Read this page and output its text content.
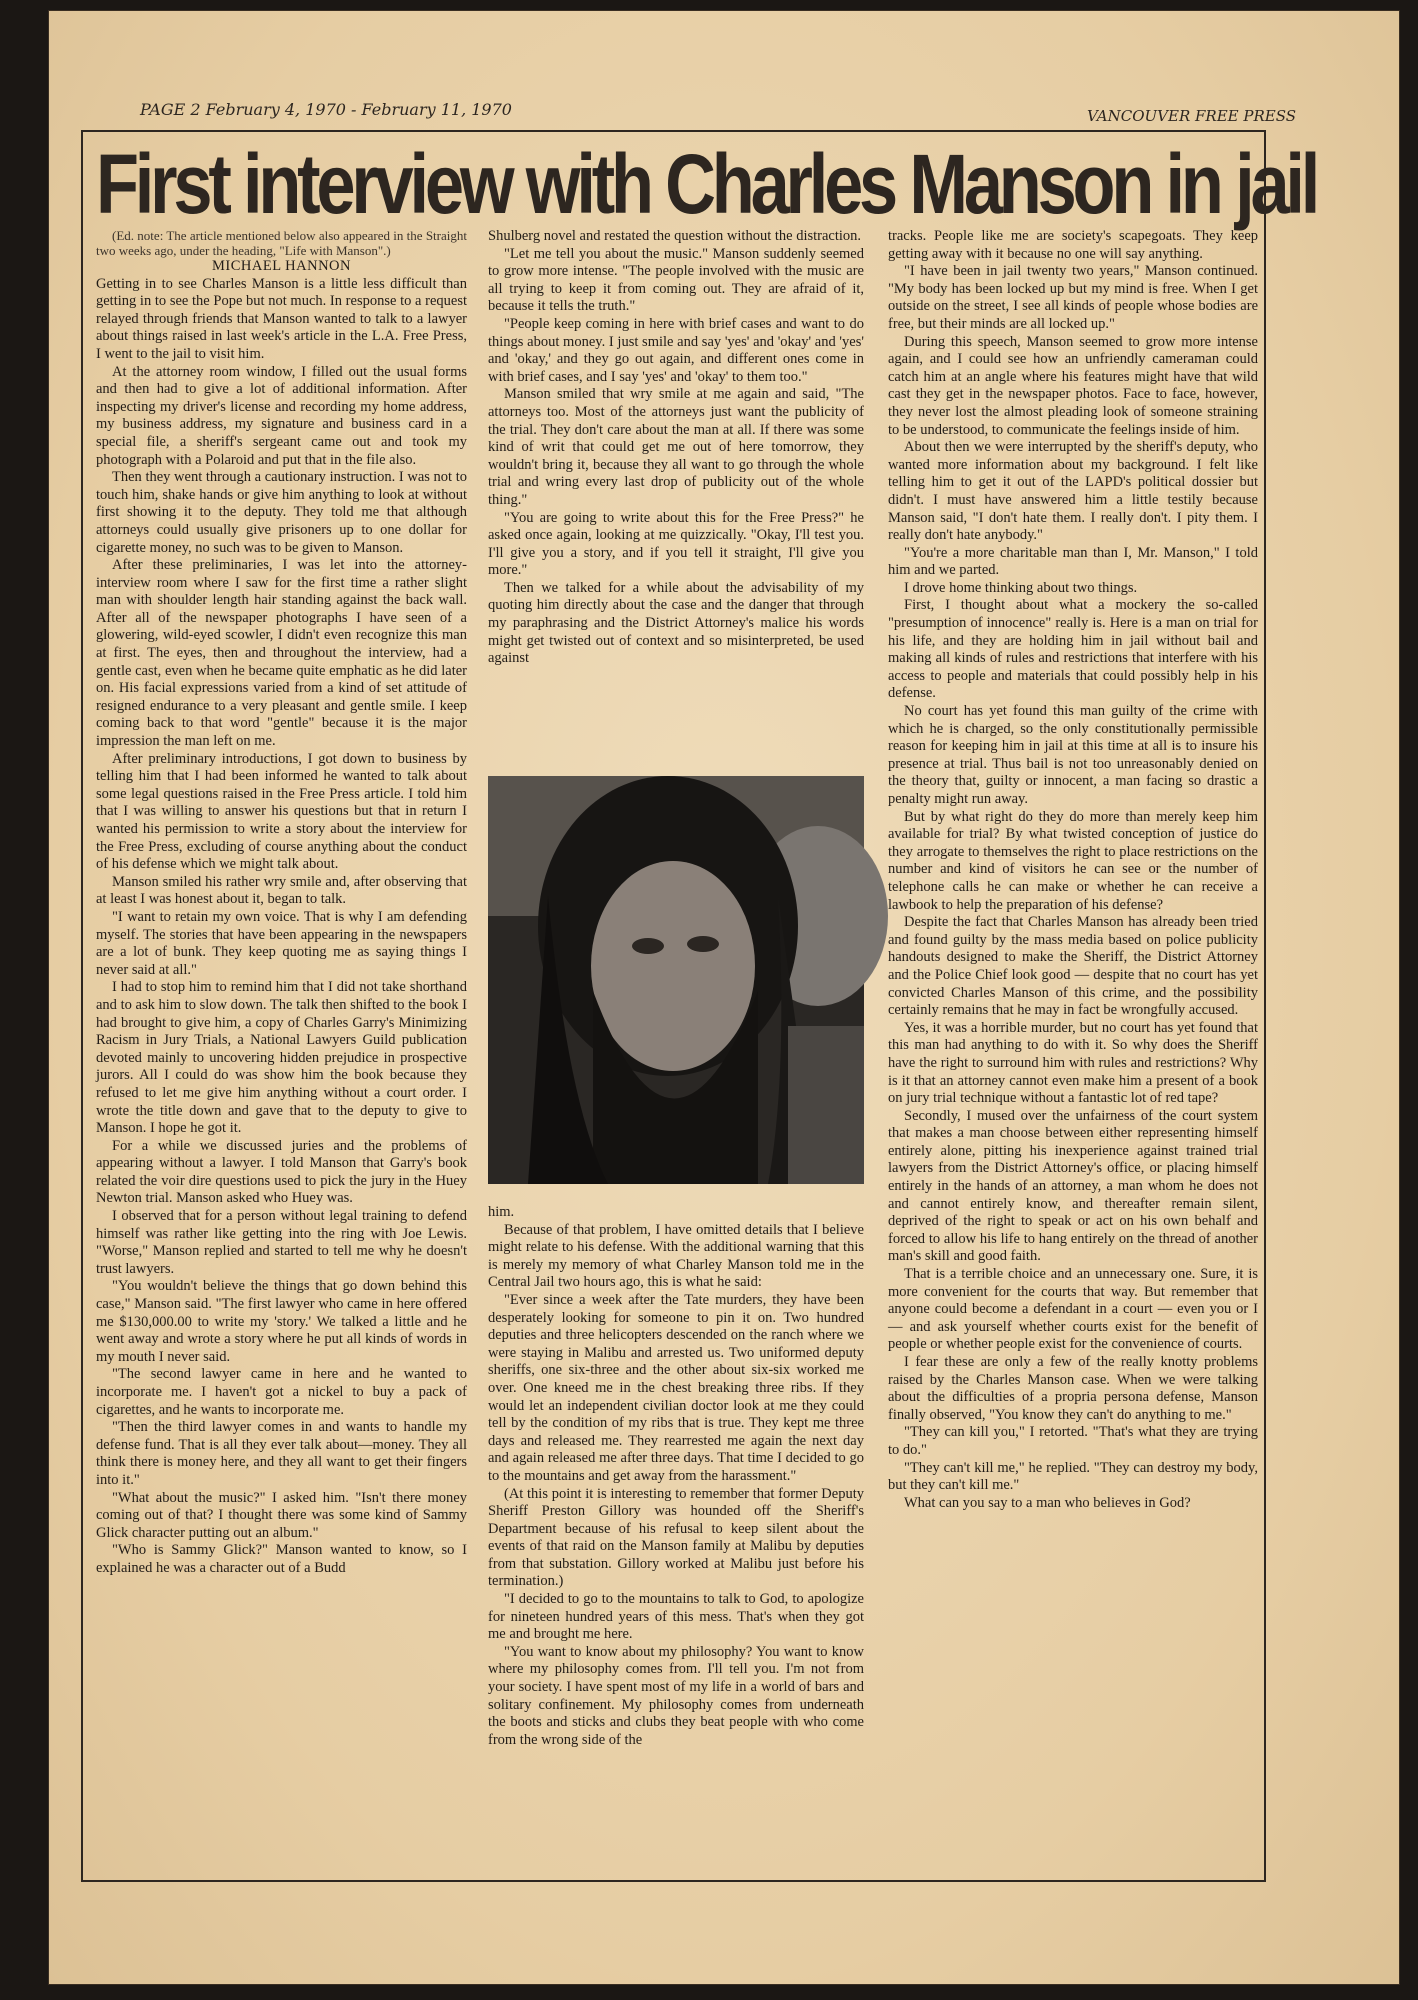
PAGE 2 February 4, 1970 - February 11, 1970	VANCOUVER FREE PRESS
First interview with Charles Manson in jail

(Ed. note: The article mentioned below also appeared in the Straight two weeks ago, under the heading, "Life with Manson".)

MICHAEL HANNON

Getting in to see Charles Manson is a little less difficult than getting in to see the Pope but not much. In response to a request relayed through friends that Manson wanted to talk to a lawyer about things raised in last week's article in the L.A. Free Press, I went to the jail to visit him.

At the attorney room window, I filled out the usual forms and then had to give a lot of additional information. After inspecting my driver's license and recording my home address, my business address, my signature and business card in a special file, a sheriff's sergeant came out and took my photograph with a Polaroid and put that in the file also.

Then they went through a cautionary instruction. I was not to touch him, shake hands or give him anything to look at without first showing it to the deputy. They told me that although attorneys could usually give prisoners up to one dollar for cigarette money, no such was to be given to Manson.

After these preliminaries, I was let into the attorney-interview room where I saw for the first time a rather slight man with shoulder length hair standing against the back wall. After all of the newspaper photographs I have seen of a glowering, wild-eyed scowler, I didn't even recognize this man at first. The eyes, then and throughout the interview, had a gentle cast, even when he became quite emphatic as he did later on. His facial expressions varied from a kind of set attitude of resigned endurance to a very pleasant and gentle smile. I keep coming back to that word "gentle" because it is the major impression the man left on me.

After preliminary introductions, I got down to business by telling him that I had been informed he wanted to talk about some legal questions raised in the Free Press article. I told him that I was willing to answer his questions but that in return I wanted his permission to write a story about the interview for the Free Press, excluding of course anything about the conduct of his defense which we might talk about.

Manson smiled his rather wry smile and, after observing that at least I was honest about it, began to talk.

"I want to retain my own voice. That is why I am defending myself. The stories that have been appearing in the newspapers are a lot of bunk. They keep quoting me as saying things I never said at all."

I had to stop him to remind him that I did not take shorthand and to ask him to slow down. The talk then shifted to the book I had brought to give him, a copy of Charles Garry's Minimizing Racism in Jury Trials, a National Lawyers Guild publication devoted mainly to uncovering hidden prejudice in prospective jurors. All I could do was show him the book because they refused to let me give him anything without a court order. I wrote the title down and gave that to the deputy to give to Manson. I hope he got it.

For a while we discussed juries and the problems of appearing without a lawyer. I told Manson that Garry's book related the voir dire questions used to pick the jury in the Huey Newton trial. Manson asked who Huey was.

I observed that for a person without legal training to defend himself was rather like getting into the ring with Joe Lewis. "Worse," Manson replied and started to tell me why he doesn't trust lawyers.

"You wouldn't believe the things that go down behind this case," Manson said. "The first lawyer who came in here offered me $130,000.00 to write my 'story.' We talked a little and he went away and wrote a story where he put all kinds of words in my mouth I never said.

"The second lawyer came in here and he wanted to incorporate me. I haven't got a nickel to buy a pack of cigarettes, and he wants to incorporate me.

"Then the third lawyer comes in and wants to handle my defense fund. That is all they ever talk about—money. They all think there is money here, and they all want to get their fingers into it."

"What about the music?" I asked him. "Isn't there money coming out of that? I thought there was some kind of Sammy Glick character putting out an album."

"Who is Sammy Glick?" Manson wanted to know, so I explained he was a character out of a Budd

Shulberg novel and restated the question without the distraction.

"Let me tell you about the music." Manson suddenly seemed to grow more intense. "The people involved with the music are all trying to keep it from coming out. They are afraid of it, because it tells the truth."

"People keep coming in here with brief cases and want to do things about money. I just smile and say 'yes' and 'okay' and 'yes' and 'okay,' and they go out again, and different ones come in with brief cases, and I say 'yes' and 'okay' to them too."

Manson smiled that wry smile at me again and said, "The attorneys too. Most of the attorneys just want the publicity of the trial. They don't care about the man at all. If there was some kind of writ that could get me out of here tomorrow, they wouldn't bring it, because they all want to go through the whole trial and wring every last drop of publicity out of the whole thing."

"You are going to write about this for the Free Press?" he asked once again, looking at me quizzically. "Okay, I'll test you. I'll give you a story, and if you tell it straight, I'll give you more."

Then we talked for a while about the advisability of my quoting him directly about the case and the danger that through my paraphrasing and the District Attorney's malice his words might get twisted out of context and so misinterpreted, be used against

him.

Because of that problem, I have omitted details that I believe might relate to his defense. With the additional warning that this is merely my memory of what Charley Manson told me in the Central Jail two hours ago, this is what he said:

"Ever since a week after the Tate murders, they have been desperately looking for someone to pin it on. Two hundred deputies and three helicopters descended on the ranch where we were staying in Malibu and arrested us. Two uniformed deputy sheriffs, one six-three and the other about six-six worked me over. One kneed me in the chest breaking three ribs. If they would let an independent civilian doctor look at me they could tell by the condition of my ribs that is true. They kept me three days and released me. They rearrested me again the next day and again released me after three days. That time I decided to go to the mountains and get away from the harassment."

(At this point it is interesting to remember that former Deputy Sheriff Preston Gillory was hounded off the Sheriff's Department because of his refusal to keep silent about the events of that raid on the Manson family at Malibu by deputies from that substation. Gillory worked at Malibu just before his termination.)

"I decided to go to the mountains to talk to God, to apologize for nineteen hundred years of this mess. That's when they got me and brought me here.

"You want to know about my philosophy? You want to know where my philosophy comes from. I'll tell you. I'm not from your society. I have spent most of my life in a world of bars and solitary confinement. My philosophy comes from underneath the boots and sticks and clubs they beat people with who come from the wrong side of the

tracks. People like me are society's scapegoats. They keep getting away with it because no one will say anything.

"I have been in jail twenty two years," Manson continued. "My body has been locked up but my mind is free. When I get outside on the street, I see all kinds of people whose bodies are free, but their minds are all locked up."

During this speech, Manson seemed to grow more intense again, and I could see how an unfriendly cameraman could catch him at an angle where his features might have that wild cast they get in the newspaper photos. Face to face, however, they never lost the almost pleading look of someone straining to be understood, to communicate the feelings inside of him.

About then we were interrupted by the sheriff's deputy, who wanted more information about my background. I felt like telling him to get it out of the LAPD's political dossier but didn't. I must have answered him a little testily because Manson said, "I don't hate them. I really don't. I pity them. I really don't hate anybody."

"You're a more charitable man than I, Mr. Manson," I told him and we parted.

I drove home thinking about two things.

First, I thought about what a mockery the so-called "presumption of innocence" really is. Here is a man on trial for his life, and they are holding him in jail without bail and making all kinds of rules and restrictions that interfere with his access to people and materials that could possibly help in his defense.

No court has yet found this man guilty of the crime with which he is charged, so the only constitutionally permissible reason for keeping him in jail at this time at all is to insure his presence at trial. Thus bail is not too unreasonably denied on the theory that, guilty or innocent, a man facing so drastic a penalty might run away.

But by what right do they do more than merely keep him available for trial? By what twisted conception of justice do they arrogate to themselves the right to place restrictions on the number and kind of visitors he can see or the number of telephone calls he can make or whether he can receive a lawbook to help the preparation of his defense?

Despite the fact that Charles Manson has already been tried and found guilty by the mass media based on police publicity handouts designed to make the Sheriff, the District Attorney and the Police Chief look good — despite that no court has yet convicted Charles Manson of this crime, and the possibility certainly remains that he may in fact be wrongfully accused.

Yes, it was a horrible murder, but no court has yet found that this man had anything to do with it. So why does the Sheriff have the right to surround him with rules and restrictions? Why is it that an attorney cannot even make him a present of a book on jury trial technique without a fantastic lot of red tape?

Secondly, I mused over the unfairness of the court system that makes a man choose between either representing himself entirely alone, pitting his inexperience against trained trial lawyers from the District Attorney's office, or placing himself entirely in the hands of an attorney, a man whom he does not and cannot entirely know, and thereafter remain silent, deprived of the right to speak or act on his own behalf and forced to allow his life to hang entirely on the thread of another man's skill and good faith.

That is a terrible choice and an unnecessary one. Sure, it is more convenient for the courts that way. But remember that anyone could become a defendant in a court — even you or I — and ask yourself whether courts exist for the benefit of people or whether people exist for the convenience of courts.

I fear these are only a few of the really knotty problems raised by the Charles Manson case. When we were talking about the difficulties of a propria persona defense, Manson finally observed, "You know they can't do anything to me."

"They can kill you," I retorted. "That's what they are trying to do."

"They can't kill me," he replied. "They can destroy my body, but they can't kill me."

What can you say to a man who believes in God?
